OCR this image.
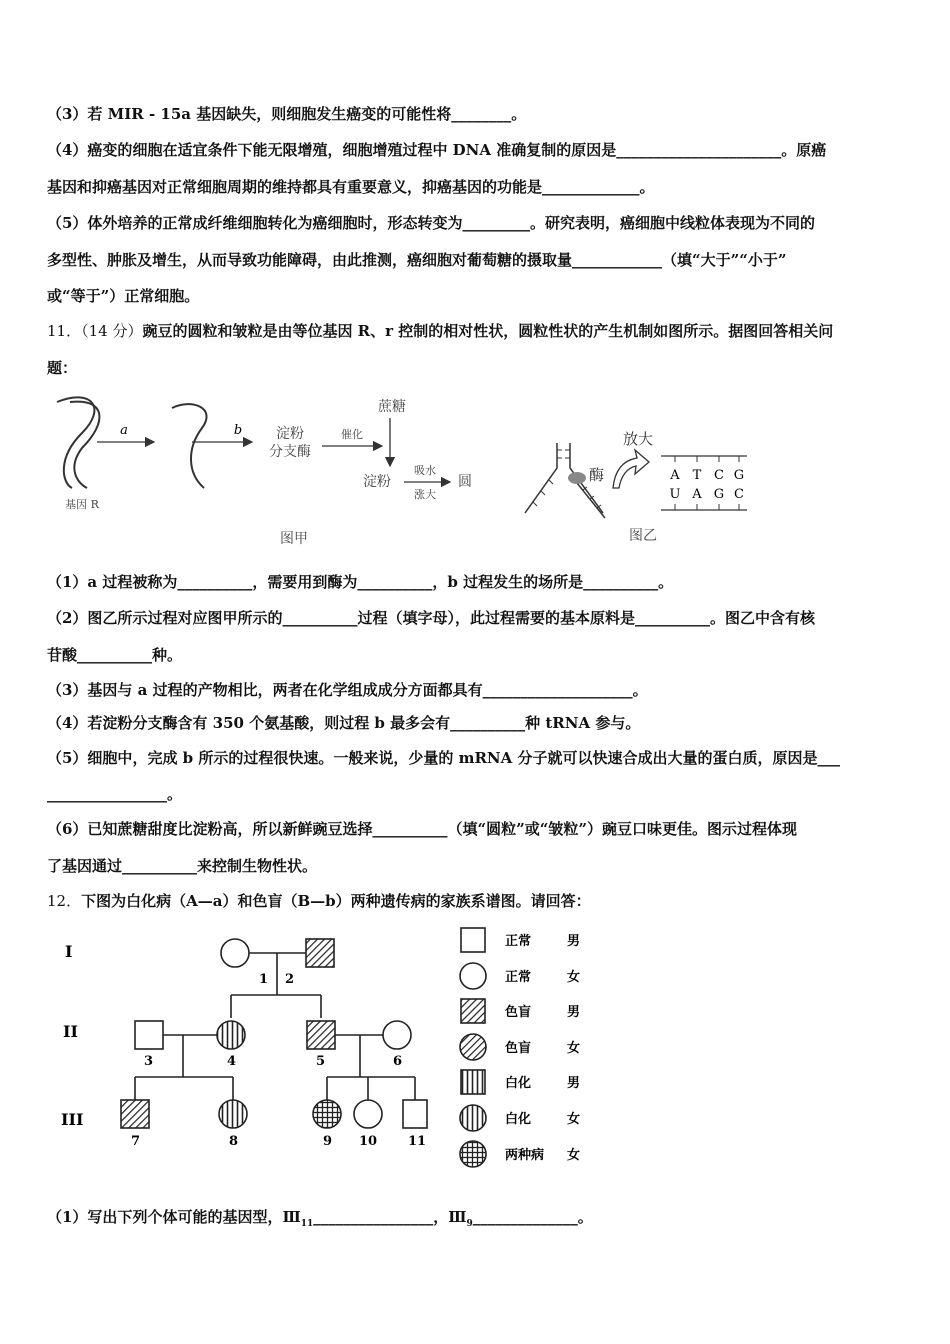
（3）若 MIR - 15a 基因缺失，则细胞发生癌变的可能性将________。
（4）癌变的细胞在适宜条件下能无限增殖，细胞增殖过程中 DNA 准确复制的原因是______________________。原癌
基因和抑癌基因对正常细胞周期的维持都具有重要意义，抑癌基因的功能是_____________。
（5）体外培养的正常成纤维细胞转化为癌细胞时，形态转变为_________。研究表明，癌细胞中线粒体表现为不同的
多型性、肿胀及增生，从而导致功能障碍，由此推测，癌细胞对葡萄糖的摄取量____________（填“大于”“小于”
或“等于”）正常细胞。
11．（14 分）豌豆的圆粒和皱粒是由等位基因 R、r 控制的相对性状，圆粒性状的产生机制如图所示。据图回答相关问
题：
a	b 淀粉
分支酶
催化
蔗糖
淀粉
吸水
涨大
圆
基因 R
图甲
酶
放大
A T C G
U A G C
图乙
（1）a 过程被称为__________，需要用到酶为__________，b 过程发生的场所是__________。
（2）图乙所示过程对应图甲所示的__________过程（填字母），此过程需要的基本原料是__________。图乙中含有核
苷酸__________种。
（3）基因与 a 过程的产物相比，两者在化学组成成分方面都具有____________________。
（4）若淀粉分支酶含有 350 个氨基酸，则过程 b 最多会有__________种 tRNA 参与。
（5）细胞中，完成 b 所示的过程很快速。一般来说，少量的 mRNA 分子就可以快速合成出大量的蛋白质，原因是___
________________。
（6）已知蔗糖甜度比淀粉高，所以新鲜豌豆选择__________（填“圆粒”或“皱粒”）豌豆口味更佳。图示过程体现
了基因通过__________来控制生物性状。
12．下图为白化病（A—a）和色盲（B—b）两种遗传病的家族系谱图。请回答：
I
II
III
1 2
3	4	5	6
7	8	9 10 11
正常	男
正常	女
色盲	男
色盲	女
白化	男
白化	女
两种病 女
（1）写出下列个体可能的基因型，$Ⅲ_{11}\_\_\_\_\_\_\_\_\_\_\_\_\_\_\_\_$，$Ⅲ_9\_\_\_\_\_\_\_\_\_\_\_\_\_\_$。
